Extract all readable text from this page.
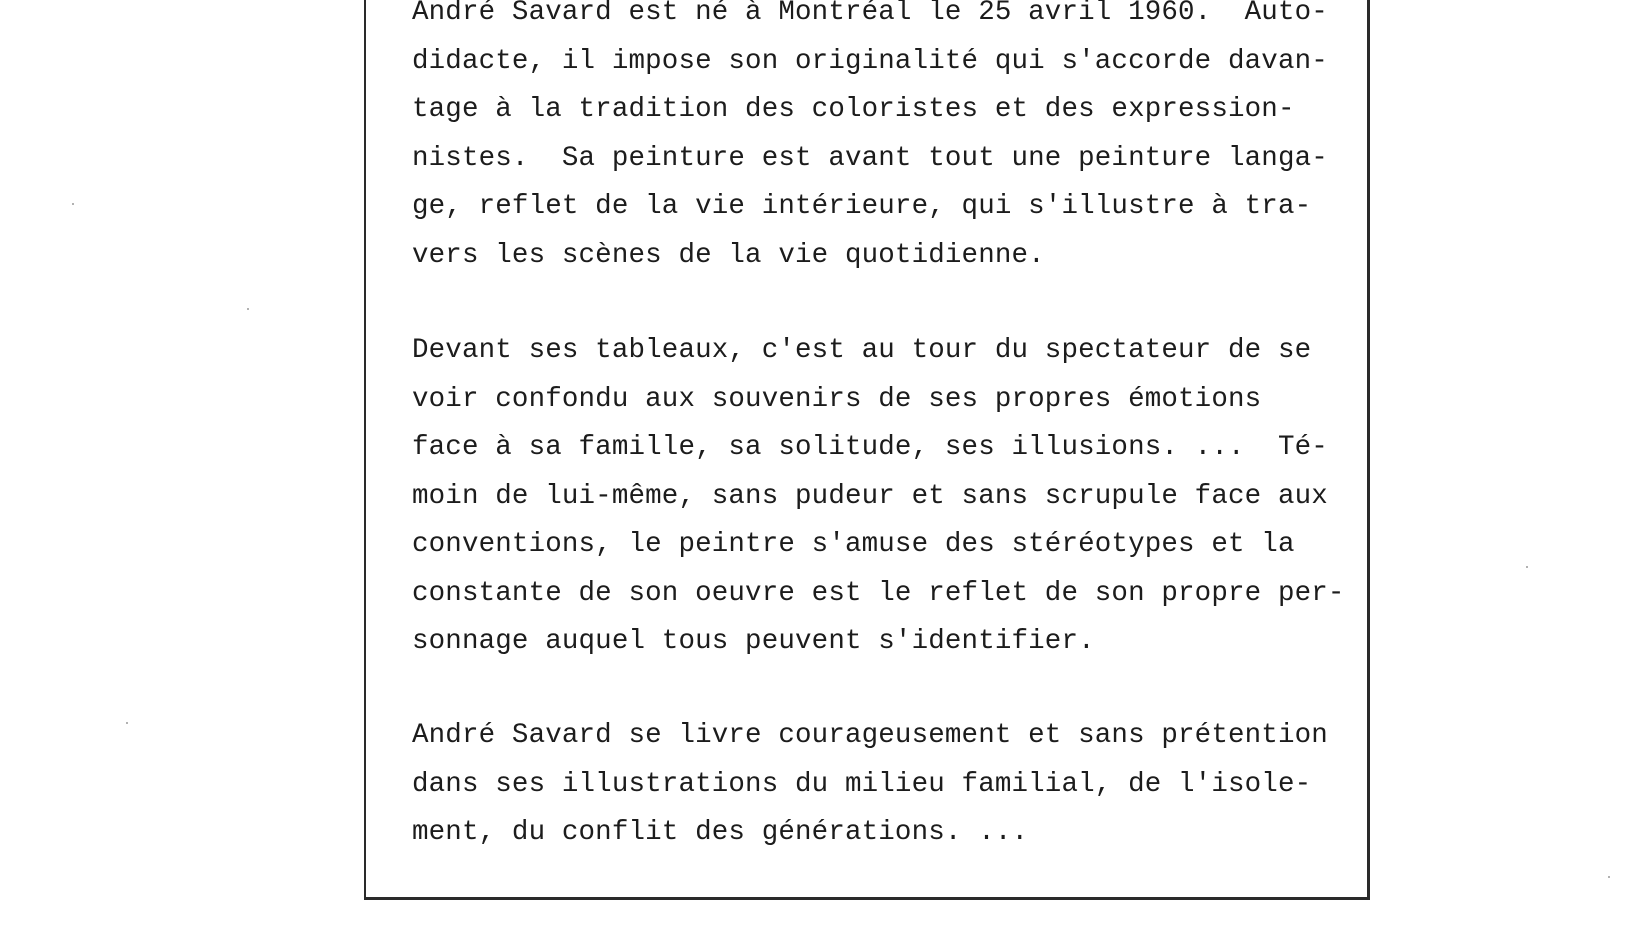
André Savard est né à Montréal le 25 avril 1960.  Auto-
didacte, il impose son originalité qui s'accorde davan-
tage à la tradition des coloristes et des expression-
nistes.  Sa peinture est avant tout une peinture langa-
ge, reflet de la vie intérieure, qui s'illustre à tra-
vers les scènes de la vie quotidienne.
Devant ses tableaux, c'est au tour du spectateur de se
voir confondu aux souvenirs de ses propres émotions
face à sa famille, sa solitude, ses illusions. ...  Té-
moin de lui-même, sans pudeur et sans scrupule face aux
conventions, le peintre s'amuse des stéréotypes et la
constante de son oeuvre est le reflet de son propre per-
sonnage auquel tous peuvent s'identifier.
André Savard se livre courageusement et sans prétention
dans ses illustrations du milieu familial, de l'isole-
ment, du conflit des générations. ...
